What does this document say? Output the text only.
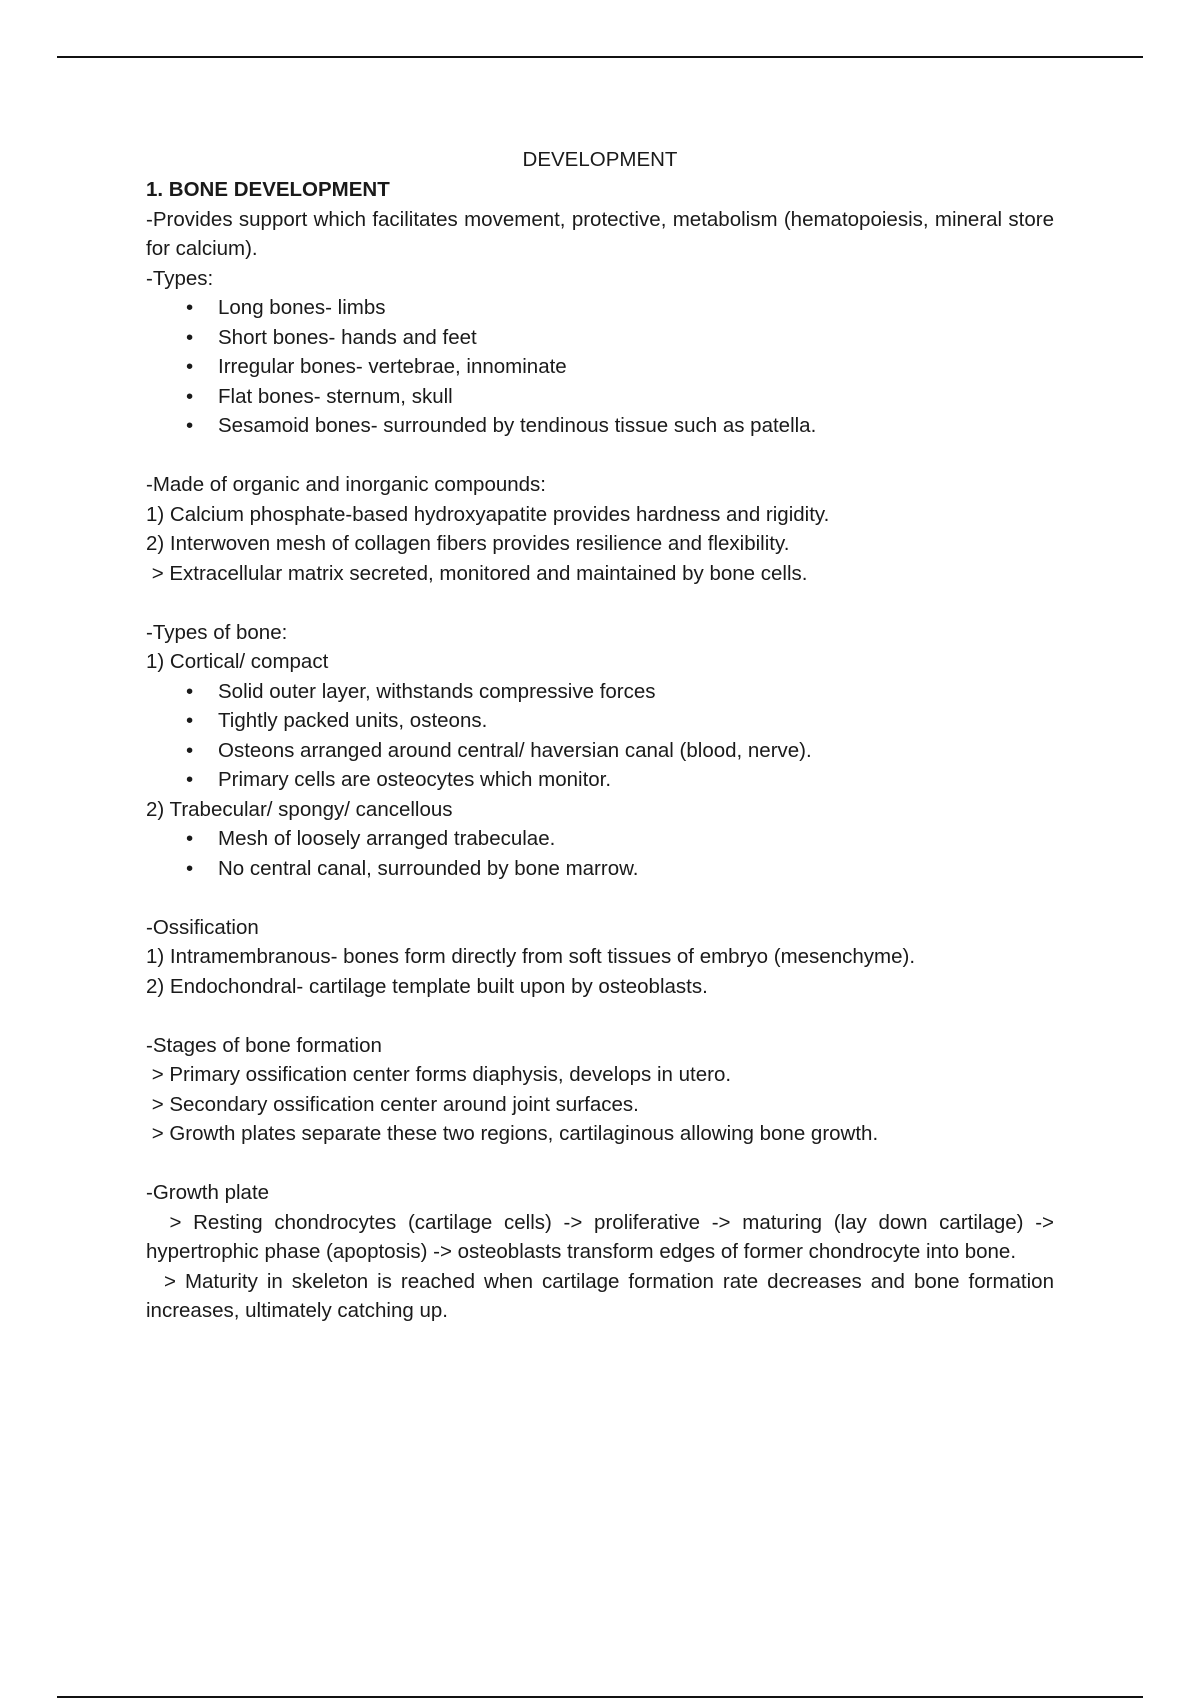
DEVELOPMENT
1. BONE DEVELOPMENT
-Provides support which facilitates movement, protective, metabolism (hematopoiesis, mineral store for calcium).
-Types:
• Long bones- limbs
• Short bones- hands and feet
• Irregular bones- vertebrae, innominate
• Flat bones- sternum, skull
• Sesamoid bones- surrounded by tendinous tissue such as patella.
-Made of organic and inorganic compounds:
1) Calcium phosphate-based hydroxyapatite provides hardness and rigidity.
2) Interwoven mesh of collagen fibers provides resilience and flexibility.
> Extracellular matrix secreted, monitored and maintained by bone cells.
-Types of bone:
1) Cortical/ compact
• Solid outer layer, withstands compressive forces
• Tightly packed units, osteons.
• Osteons arranged around central/ haversian canal (blood, nerve).
• Primary cells are osteocytes which monitor.
2) Trabecular/ spongy/ cancellous
• Mesh of loosely arranged trabeculae.
• No central canal, surrounded by bone marrow.
-Ossification
1) Intramembranous- bones form directly from soft tissues of embryo (mesenchyme).
2) Endochondral- cartilage template built upon by osteoblasts.
-Stages of bone formation
> Primary ossification center forms diaphysis, develops in utero.
> Secondary ossification center around joint surfaces.
> Growth plates separate these two regions, cartilaginous allowing bone growth.
-Growth plate
> Resting chondrocytes (cartilage cells) -> proliferative -> maturing (lay down cartilage) -> hypertrophic phase (apoptosis) -> osteoblasts transform edges of former chondrocyte into bone.
> Maturity in skeleton is reached when cartilage formation rate decreases and bone formation increases, ultimately catching up.
